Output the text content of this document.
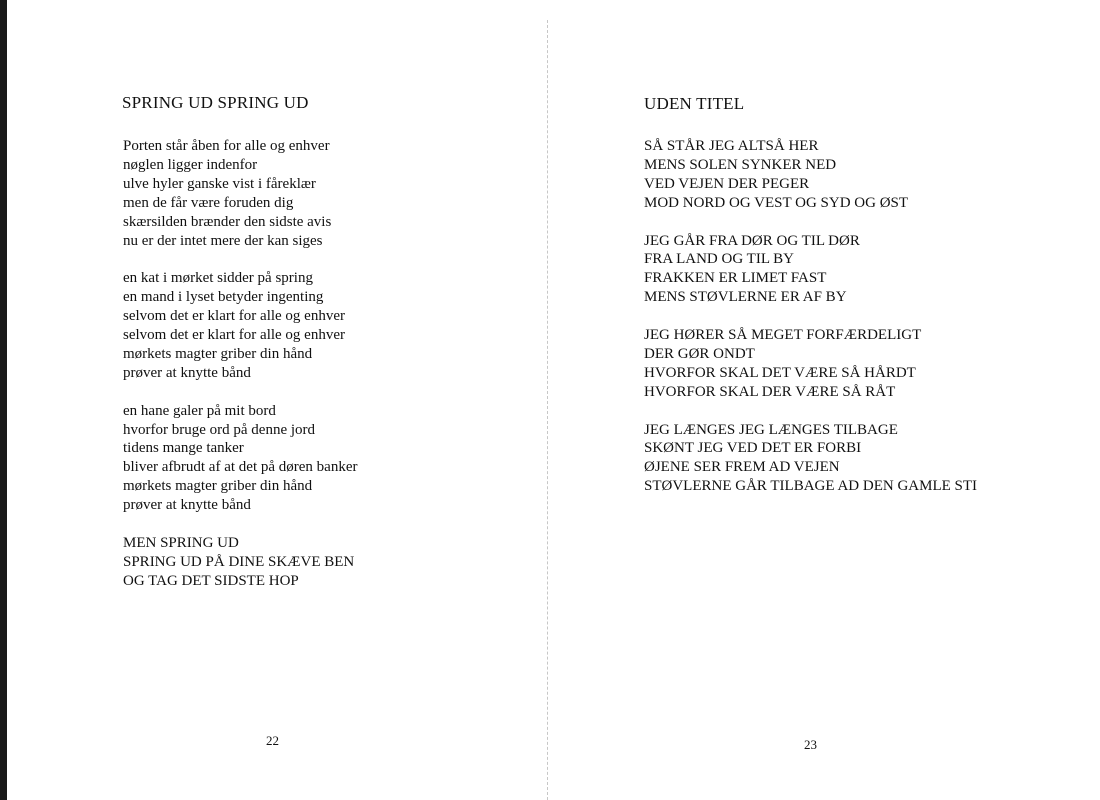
SPRING UD SPRING UD
Porten står åben for alle og enhver
nøglen ligger indenfor
ulve hyler ganske vist i fåreklær
men de får være foruden dig
skærsilden brænder den sidste avis
nu er der intet mere der kan siges
en kat i mørket sidder på spring
en mand i lyset betyder ingenting
selvom det er klart for alle og enhver
selvom det er klart for alle og enhver
mørkets magter griber din hånd
prøver at knytte bånd
en hane galer på mit bord
hvorfor bruge ord på denne jord
tidens mange tanker
bliver afbrudt af at det på døren banker
mørkets magter griber din hånd
prøver at knytte bånd
MEN SPRING UD
SPRING UD PÅ DINE SKÆVE BEN
OG TAG DET SIDSTE HOP
22
UDEN TITEL
SÅ STÅR JEG ALTSÅ HER
MENS SOLEN SYNKER NED
VED VEJEN DER PEGER
MOD NORD OG VEST OG SYD OG ØST
JEG GÅR FRA DØR OG TIL DØR
FRA LAND OG TIL BY
FRAKKEN ER LIMET FAST
MENS STØVLERNE ER AF BY
JEG HØRER SÅ MEGET FORFÆRDELIGT
DER GØR ONDT
HVORFOR SKAL DET VÆRE SÅ HÅRDT
HVORFOR SKAL DER VÆRE SÅ RÅT
JEG LÆNGES JEG LÆNGES TILBAGE
SKØNT JEG VED DET ER FORBI
ØJENE SER FREM AD VEJEN
STØVLERNE GÅR TILBAGE AD DEN GAMLE STI
23
